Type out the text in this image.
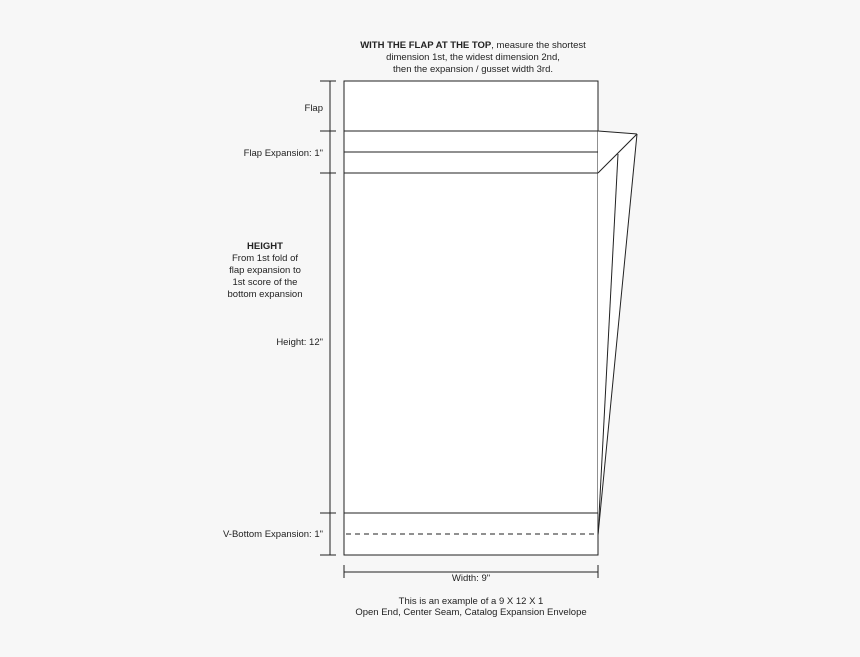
WITH THE FLAP AT THE TOP, measure the shortest
dimension 1st, the widest dimension 2nd,
then the expansion / gusset width 3rd.
Flap
Flap Expansion: 1"
HEIGHT
From 1st fold of
flap expansion to
1st score of the
bottom expansion
Height: 12"
V-Bottom Expansion: 1"
Width: 9"
This is an example of a 9 X 12 X 1
Open End, Center Seam, Catalog Expansion Envelope
